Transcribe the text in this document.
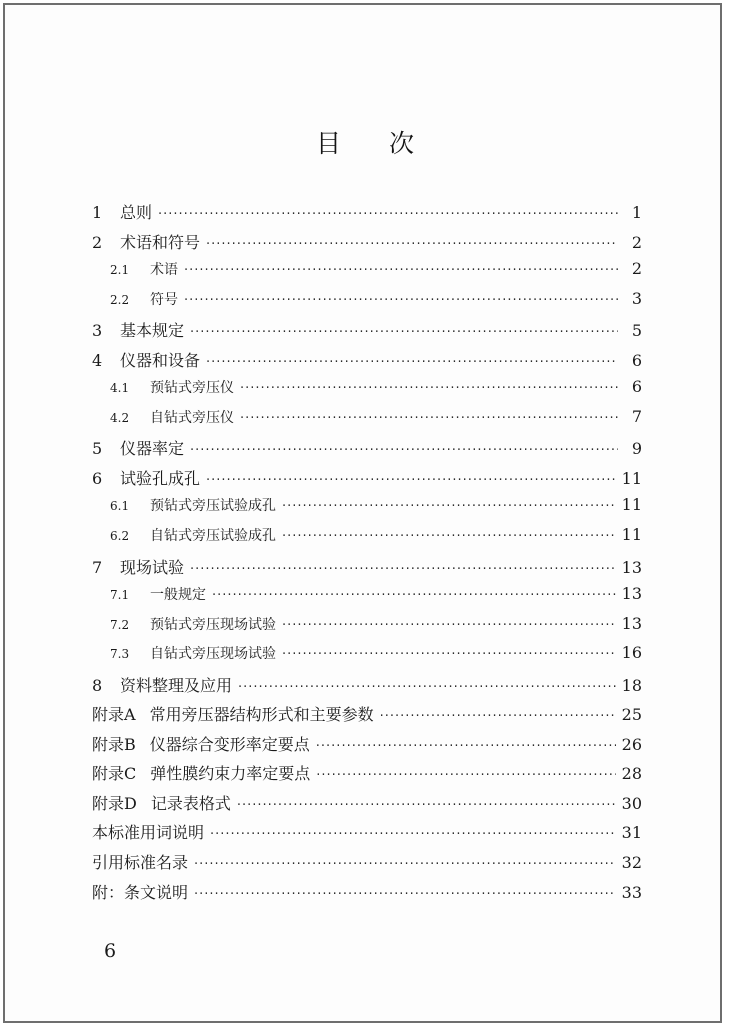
目 次
1	总则 ·····	1
2	术语和符号 ·····	2
2.1	术语 ·····	2
2.2	符号 ·····	3
3	基本规定 ·····	5
4	仪器和设备 ·····	6
4.1	预钻式旁压仪 ·····	6
4.2	自钻式旁压仪 ·····	7
5	仪器率定 ·····	9
6	试验孔成孔 ·····	11
6.1	预钻式旁压试验成孔 ·····	11
6.2	自钻式旁压试验成孔 ·····	11
7	现场试验 ·····	13
7.1	一般规定 ·····	13
7.2	预钻式旁压现场试验 ·····	13
7.3	自钻式旁压现场试验 ·····	16
8	资料整理及应用 ·····	18
附录A 常用旁压器结构形式和主要参数 ·····	25
附录B 仪器综合变形率定要点 ·····	26
附录C 弹性膜约束力率定要点 ·····	28
附录D 记录表格式 ·····	30
本标准用词说明 ·····	31
引用标准名录 ·····	32
附：条文说明 ·····	33
6
